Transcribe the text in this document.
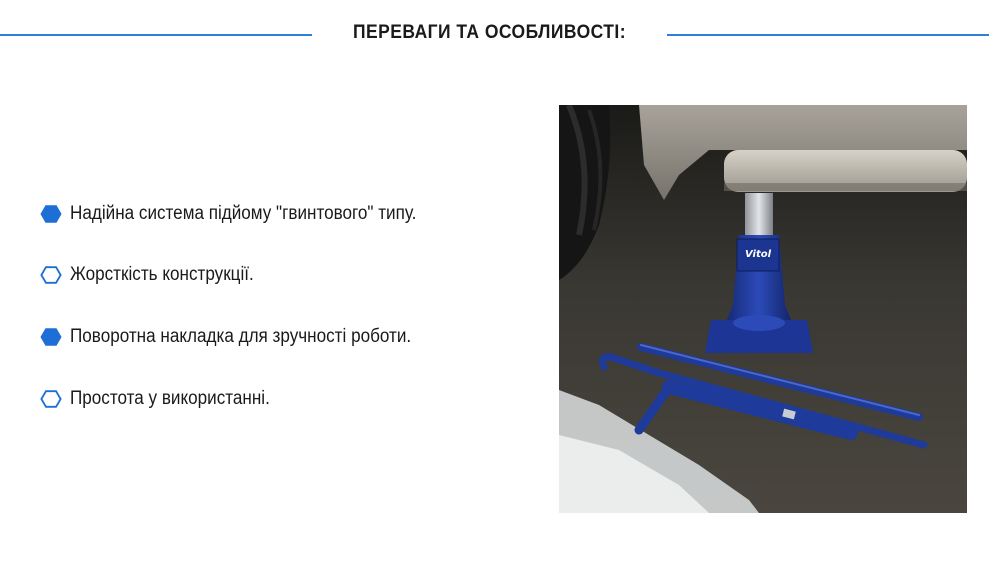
ПЕРЕВАГИ ТА ОСОБЛИВОСТІ:
Надійна система підйому "гвинтового" типу.
Жорсткість конструкції.
Поворотна накладка для зручності роботи.
Простота у використанні.
Vitol
